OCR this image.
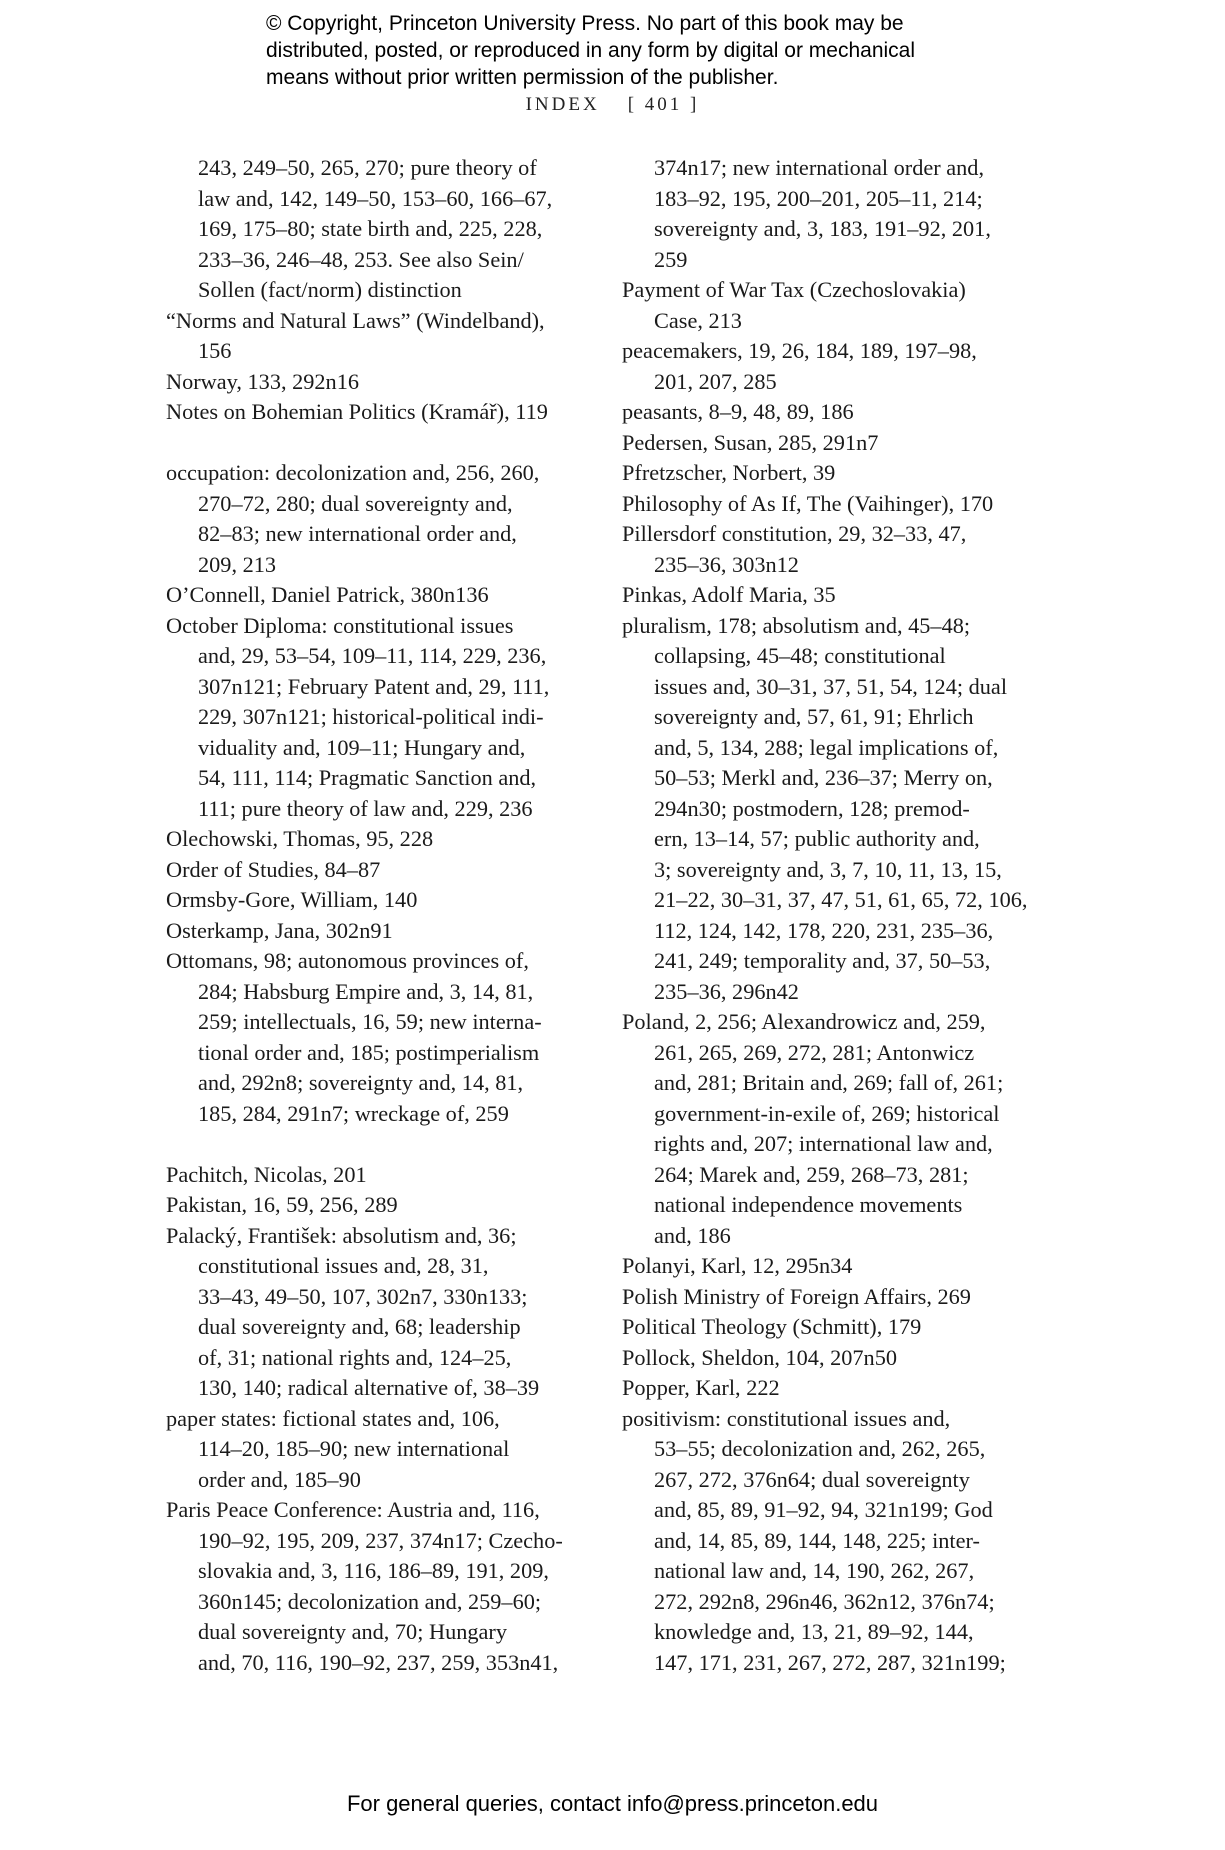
© Copyright, Princeton University Press. No part of this book may be
distributed, posted, or reproduced in any form by digital or mechanical
means without prior written permission of the publisher.
INDEX [ 401 ]
243, 249–50, 265, 270; pure theory of
law and, 142, 149–50, 153–60, 166–67,
169, 175–80; state birth and, 225, 228,
233–36, 246–48, 253. See also Sein/
Sollen (fact/norm) distinction
“Norms and Natural Laws” (Windelband),
156
Norway, 133, 292n16
Notes on Bohemian Politics (Kramář), 119
occupation: decolonization and, 256, 260,
270–72, 280; dual sovereignty and,
82–83; new international order and,
209, 213
O’Connell, Daniel Patrick, 380n136
October Diploma: constitutional issues
and, 29, 53–54, 109–11, 114, 229, 236,
307n121; February Patent and, 29, 111,
229, 307n121; historical-political indi-
viduality and, 109–11; Hungary and,
54, 111, 114; Pragmatic Sanction and,
111; pure theory of law and, 229, 236
Olechowski, Thomas, 95, 228
Order of Studies, 84–87
Ormsby-Gore, William, 140
Osterkamp, Jana, 302n91
Ottomans, 98; autonomous provinces of,
284; Habsburg Empire and, 3, 14, 81,
259; intellectuals, 16, 59; new interna-
tional order and, 185; postimperialism
and, 292n8; sovereignty and, 14, 81,
185, 284, 291n7; wreckage of, 259
Pachitch, Nicolas, 201
Pakistan, 16, 59, 256, 289
Palacký, František: absolutism and, 36;
constitutional issues and, 28, 31,
33–43, 49–50, 107, 302n7, 330n133;
dual sovereignty and, 68; leadership
of, 31; national rights and, 124–25,
130, 140; radical alternative of, 38–39
paper states: fictional states and, 106,
114–20, 185–90; new international
order and, 185–90
Paris Peace Conference: Austria and, 116,
190–92, 195, 209, 237, 374n17; Czecho-
slovakia and, 3, 116, 186–89, 191, 209,
360n145; decolonization and, 259–60;
dual sovereignty and, 70; Hungary
and, 70, 116, 190–92, 237, 259, 353n41,
374n17; new international order and,
183–92, 195, 200–201, 205–11, 214;
sovereignty and, 3, 183, 191–92, 201,
259
Payment of War Tax (Czechoslovakia)
Case, 213
peacemakers, 19, 26, 184, 189, 197–98,
201, 207, 285
peasants, 8–9, 48, 89, 186
Pedersen, Susan, 285, 291n7
Pfretzscher, Norbert, 39
Philosophy of As If, The (Vaihinger), 170
Pillersdorf constitution, 29, 32–33, 47,
235–36, 303n12
Pinkas, Adolf Maria, 35
pluralism, 178; absolutism and, 45–48;
collapsing, 45–48; constitutional
issues and, 30–31, 37, 51, 54, 124; dual
sovereignty and, 57, 61, 91; Ehrlich
and, 5, 134, 288; legal implications of,
50–53; Merkl and, 236–37; Merry on,
294n30; postmodern, 128; premod-
ern, 13–14, 57; public authority and,
3; sovereignty and, 3, 7, 10, 11, 13, 15,
21–22, 30–31, 37, 47, 51, 61, 65, 72, 106,
112, 124, 142, 178, 220, 231, 235–36,
241, 249; temporality and, 37, 50–53,
235–36, 296n42
Poland, 2, 256; Alexandrowicz and, 259,
261, 265, 269, 272, 281; Antonwicz
and, 281; Britain and, 269; fall of, 261;
government-in-exile of, 269; historical
rights and, 207; international law and,
264; Marek and, 259, 268–73, 281;
national independence movements
and, 186
Polanyi, Karl, 12, 295n34
Polish Ministry of Foreign Affairs, 269
Political Theology (Schmitt), 179
Pollock, Sheldon, 104, 207n50
Popper, Karl, 222
positivism: constitutional issues and,
53–55; decolonization and, 262, 265,
267, 272, 376n64; dual sovereignty
and, 85, 89, 91–92, 94, 321n199; God
and, 14, 85, 89, 144, 148, 225; inter-
national law and, 14, 190, 262, 267,
272, 292n8, 296n46, 362n12, 376n74;
knowledge and, 13, 21, 89–92, 144,
147, 171, 231, 267, 272, 287, 321n199;
For general queries, contact info@press.princeton.edu
